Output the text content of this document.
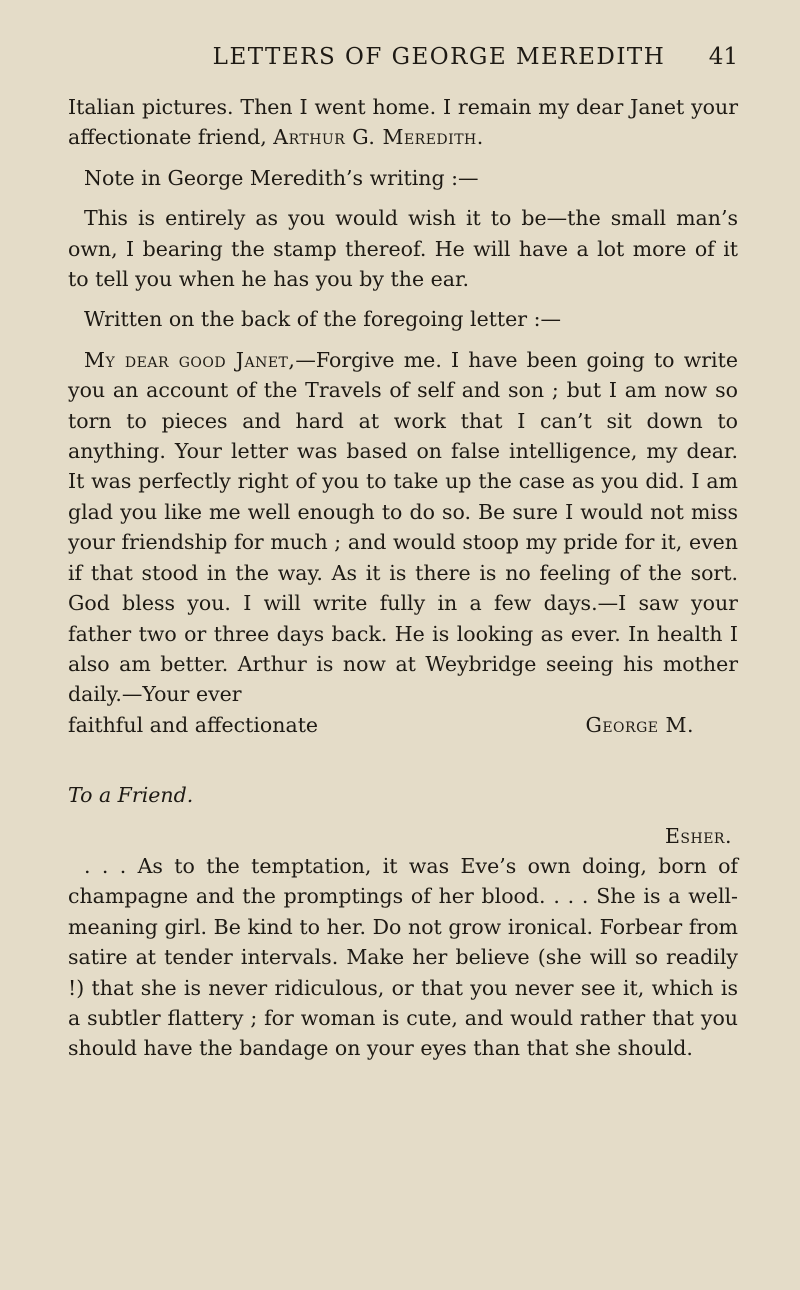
LETTERS OF GEORGE MEREDITH	41

Italian pictures. Then I went home. I remain my dear Janet your affectionate friend, Arthur G. Meredith.

Note in George Meredith’s writing :—

This is entirely as you would wish it to be—the small man’s own, I bearing the stamp thereof. He will have a lot more of it to tell you when he has you by the ear.

Written on the back of the foregoing letter :—

My dear good Janet,—Forgive me. I have been going to write you an account of the Travels of self and son ; but I am now so torn to pieces and hard at work that I can’t sit down to anything. Your letter was based on false intelligence, my dear. It was perfectly right of you to take up the case as you did. I am glad you like me well enough to do so. Be sure I would not miss your friendship for much ; and would stoop my pride for it, even if that stood in the way. As it is there is no feeling of the sort. God bless you. I will write fully in a few days.—I saw your father two or three days back. He is looking as ever. In health I also am better. Arthur is now at Weybridge seeing his mother daily.—Your ever

faithful and affectionate	George M.

To a Friend.

Esher.

. . . As to the temptation, it was Eve’s own doing, born of champagne and the promptings of her blood. . . . She is a well-meaning girl. Be kind to her. Do not grow ironical. Forbear from satire at tender intervals. Make her believe (she will so readily !) that she is never ridiculous, or that you never see it, which is a subtler flattery ; for woman is cute, and would rather that you should have the bandage on your eyes than that she should.
